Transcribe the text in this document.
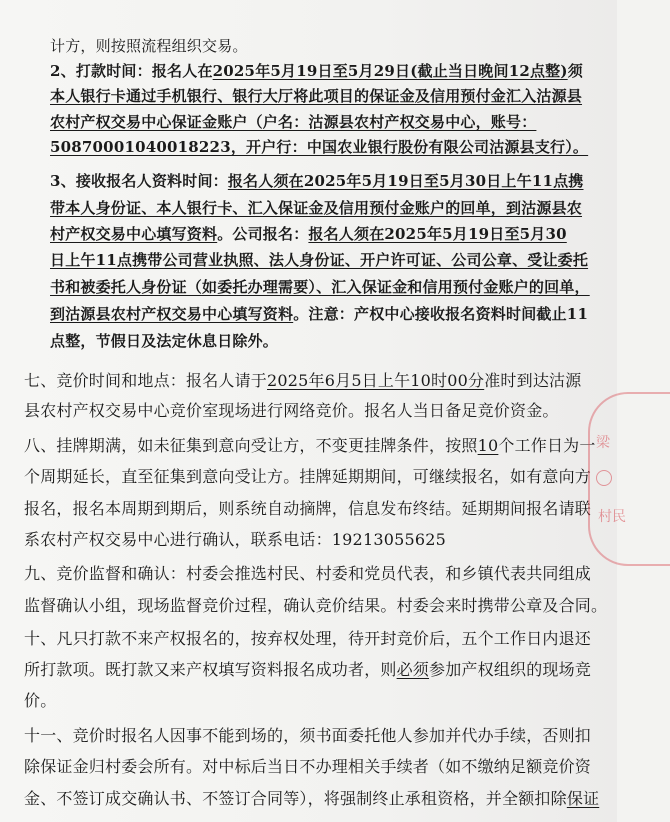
计方，则按照流程组织交易。
2、打款时间：报名人在2025年5月19日至5月29日(截止当日晚间12点整)须
本人银行卡通过手机银行、银行大厅将此项目的保证金及信用预付金汇入沽源县
农村产权交易中心保证金账户（户名：沽源县农村产权交易中心，账号：
50870001040018223，开户行：中国农业银行股份有限公司沽源县支行）。
3、接收报名人资料时间：报名人须在2025年5月19日至5月30日上午11点携
带本人身份证、本人银行卡、汇入保证金及信用预付金账户的回单，到沽源县农
村产权交易中心填写资料。公司报名：报名人须在2025年5月19日至5月30
日上午11点携带公司营业执照、法人身份证、开户许可证、公司公章、受让委托
书和被委托人身份证（如委托办理需要）、汇入保证金和信用预付金账户的回单，
到沽源县农村产权交易中心填写资料。注意：产权中心接收报名资料时间截止11
点整，节假日及法定休息日除外。
七、竞价时间和地点：报名人请于2025年6月5日上午10时00分准时到达沽源
县农村产权交易中心竞价室现场进行网络竞价。报名人当日备足竞价资金。
八、挂牌期满，如未征集到意向受让方，不变更挂牌条件，按照10个工作日为一
个周期延长，直至征集到意向受让方。挂牌延期期间，可继续报名，如有意向方
报名，报名本周期到期后，则系统自动摘牌，信息发布终结。延期期间报名请联
系农村产权交易中心进行确认，联系电话：19213055625
九、竞价监督和确认：村委会推选村民、村委和党员代表，和乡镇代表共同组成
监督确认小组，现场监督竞价过程，确认竞价结果。村委会来时携带公章及合同。
十、凡只打款不来产权报名的，按弃权处理，待开封竞价后，五个工作日内退还
所打款项。既打款又来产权填写资料报名成功者，则必须参加产权组织的现场竞
价。
十一、竞价时报名人因事不能到场的，须书面委托他人参加并代办手续，否则扣
除保证金归村委会所有。对中标后当日不办理相关手续者（如不缴纳足额竞价资
金、不签订成交确认书、不签订合同等），将强制终止承租资格，并全额扣除保证
梁
村民
